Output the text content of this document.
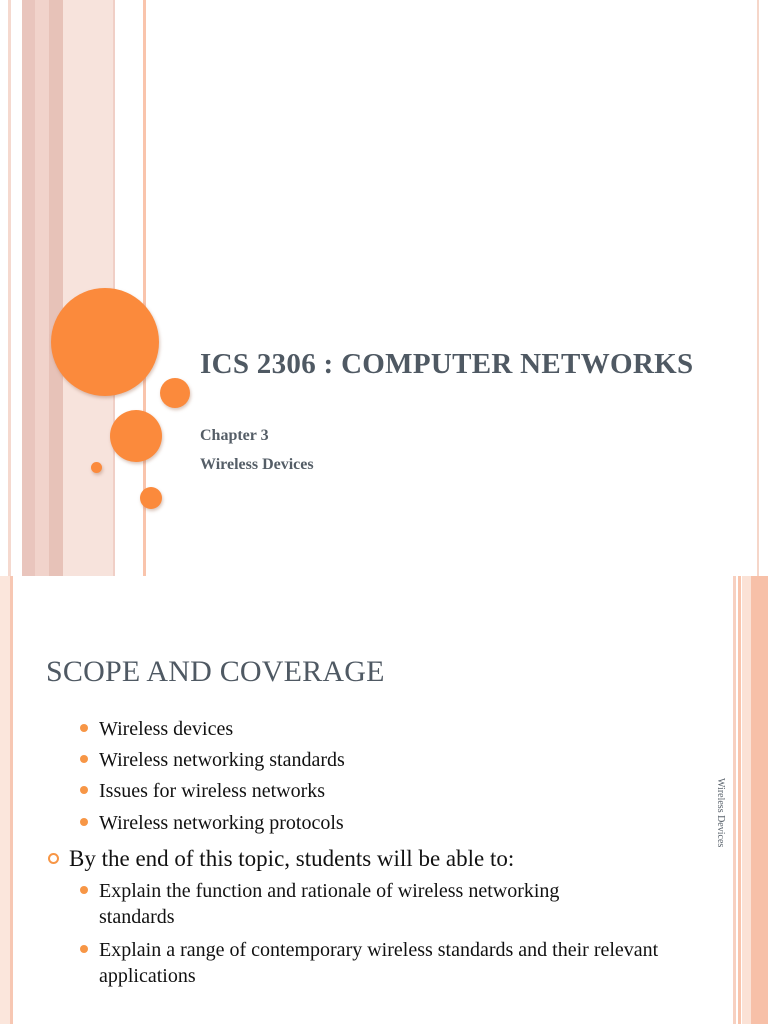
ICS 2306 : COMPUTER NETWORKS

Chapter 3

Wireless Devices

SCOPE AND COVERAGE
Wireless Devices
Wireless devices
Wireless networking standards
Issues for wireless networks
Wireless networking protocols
By the end of this topic, students will be able to:
Explain the function and rationale of wireless networking standards
Explain a range of contemporary wireless standards and their relevant applications
